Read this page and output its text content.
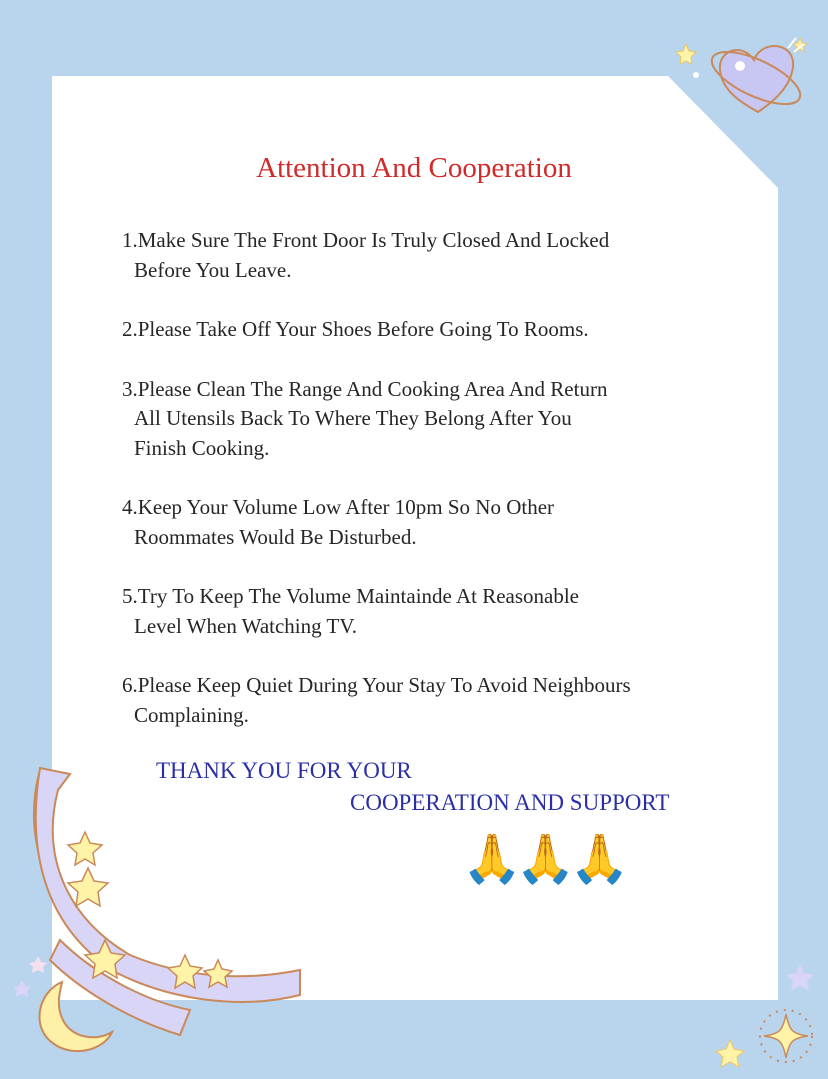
Attention And Cooperation
1.Make Sure The Front Door Is Truly Closed And Locked
Before You Leave.
2.Please Take Off Your Shoes Before Going To Rooms.
3.Please Clean The Range And Cooking Area And Return
All Utensils Back To Where They Belong After You
Finish Cooking.
4.Keep Your Volume Low After 10pm So No Other
Roommates Would Be Disturbed.
5.Try To Keep The Volume Maintainde At Reasonable
Level When Watching TV.
6.Please Keep Quiet During Your Stay To Avoid Neighbours
Complaining.
THANK YOU FOR YOUR
COOPERATION AND SUPPORT
🙏🙏🙏
